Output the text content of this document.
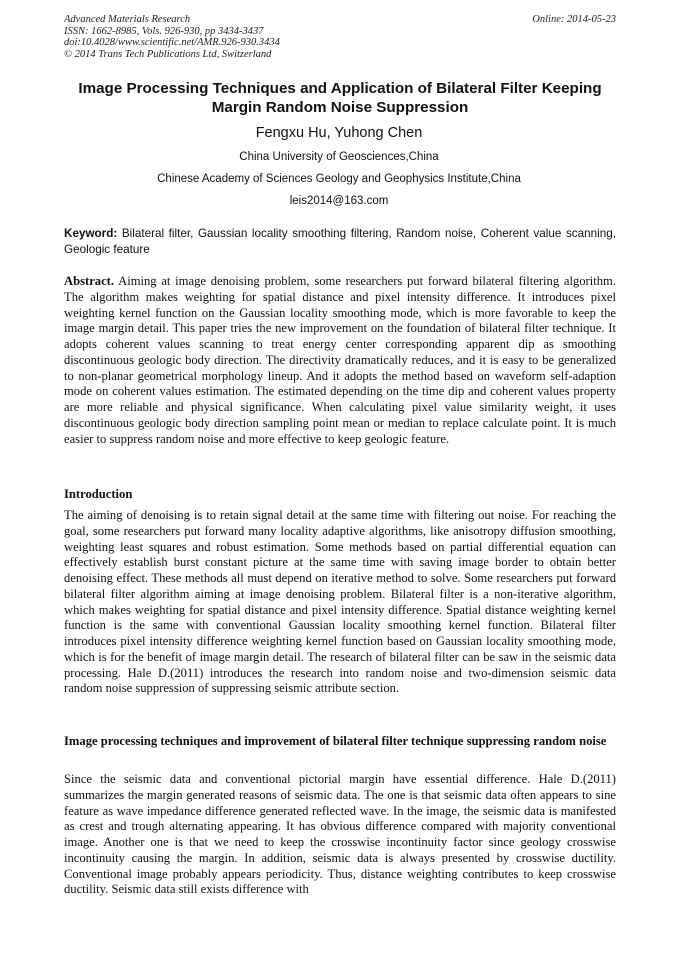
Advanced Materials Research
ISSN: 1662-8985, Vols. 926-930, pp 3434-3437
doi:10.4028/www.scientific.net/AMR.926-930.3434
© 2014 Trans Tech Publications Ltd, Switzerland
Online: 2014-05-23
Image Processing Techniques and Application of Bilateral Filter Keeping Margin Random Noise Suppression
Fengxu Hu, Yuhong Chen
China University of Geosciences,China
Chinese Academy of Sciences Geology and Geophysics Institute,China
leis2014@163.com
Keyword: Bilateral filter, Gaussian locality smoothing filtering, Random noise, Coherent value scanning, Geologic feature
Abstract. Aiming at image denoising problem, some researchers put forward bilateral filtering algorithm. The algorithm makes weighting for spatial distance and pixel intensity difference. It introduces pixel weighting kernel function on the Gaussian locality smoothing mode, which is more favorable to keep the image margin detail. This paper tries the new improvement on the foundation of bilateral filter technique. It adopts coherent values scanning to treat energy center corresponding apparent dip as smoothing discontinuous geologic body direction. The directivity dramatically reduces, and it is easy to be generalized to non-planar geometrical morphology lineup. And it adopts the method based on waveform self-adaption mode on coherent values estimation. The estimated depending on the time dip and coherent values property are more reliable and physical significance. When calculating pixel value similarity weight, it uses discontinuous geologic body direction sampling point mean or median to replace calculate point. It is much easier to suppress random noise and more effective to keep geologic feature.
Introduction
The aiming of denoising is to retain signal detail at the same time with filtering out noise. For reaching the goal, some researchers put forward many locality adaptive algorithms, like anisotropy diffusion smoothing, weighting least squares and robust estimation. Some methods based on partial differential equation can effectively establish burst constant picture at the same time with saving image border to obtain better denoising effect. These methods all must depend on iterative method to solve. Some researchers put forward bilateral filter algorithm aiming at image denoising problem. Bilateral filter is a non-iterative algorithm, which makes weighting for spatial distance and pixel intensity difference. Spatial distance weighting kernel function is the same with conventional Gaussian locality smoothing kernel function. Bilateral filter introduces pixel intensity difference weighting kernel function based on Gaussian locality smoothing mode, which is for the benefit of image margin detail. The research of bilateral filter can be saw in the seismic data processing. Hale D.(2011) introduces the research into random noise and two-dimension seismic data random noise suppression of suppressing seismic attribute section.
Image processing techniques and improvement of bilateral filter technique suppressing random noise
Since the seismic data and conventional pictorial margin have essential difference. Hale D.(2011) summarizes the margin generated reasons of seismic data. The one is that seismic data often appears to sine feature as wave impedance difference generated reflected wave. In the image, the seismic data is manifested as crest and trough alternating appearing. It has obvious difference compared with majority conventional image. Another one is that we need to keep the crosswise incontinuity factor since geology crosswise incontinuity causing the margin. In addition, seismic data is always presented by crosswise ductility. Conventional image probably appears periodicity. Thus, distance weighting contributes to keep crosswise ductility. Seismic data still exists difference with
